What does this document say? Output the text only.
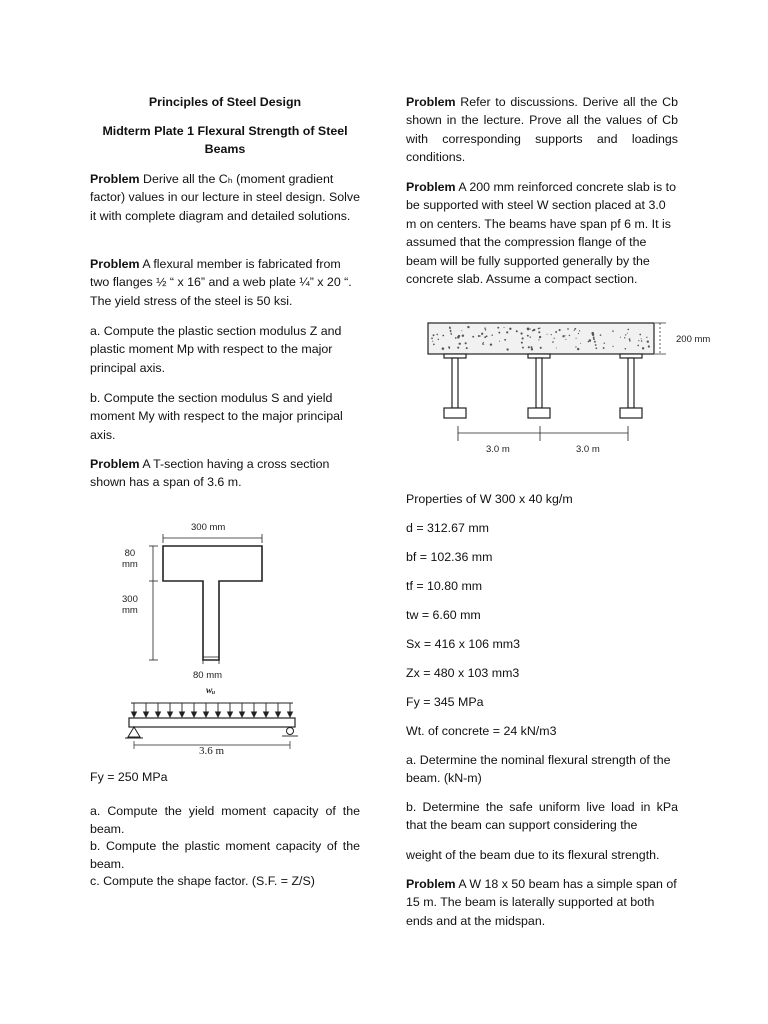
Principles of Steel Design
Midterm Plate 1 Flexural Strength of Steel Beams
Problem Derive all the Cₕ (moment gradient factor) values in our lecture in steel design. Solve it with complete diagram and detailed solutions.
Problem A flexural member is fabricated from two flanges ½ “ x 16” and a web plate ¼” x 20 “. The yield stress of the steel is 50 ksi.
a. Compute the plastic section modulus Z and plastic moment Mp with respect to the major principal axis.
b. Compute the section modulus S and yield moment My with respect to the major principal axis.
Problem A T-section having a cross section shown has a span of 3.6 m.
Fy = 250 MPa
a. Compute the yield moment capacity of the beam.
b. Compute the plastic moment capacity of the beam.
c. Compute the shape factor. (S.F. = Z/S)
300 mm
80
mm
300
mm
80 mm
wᵤ
3.6 m
Problem Refer to discussions. Derive all the Cb shown in the lecture. Prove all the values of Cb with corresponding supports and loadings conditions.
Problem A 200 mm reinforced concrete slab is to be supported with steel W section placed at 3.0 m on centers. The beams have span pf 6 m. It is assumed that the compression flange of the beam will be fully supported generally by the concrete slab. Assume a compact section.
Properties of W 300 x 40 kg/m
d = 312.67 mm
bf = 102.36 mm
tf = 10.80 mm
tw = 6.60 mm
Sx = 416 x 106 mm3
Zx = 480 x 103 mm3
Fy = 345 MPa
Wt. of concrete = 24 kN/m3
a. Determine the nominal flexural strength of the beam. (kN-m)
b. Determine the safe uniform live load in kPa that the beam can support considering the
weight of the beam due to its flexural strength.
Problem A W 18 x 50 beam has a simple span of 15 m. The beam is laterally supported at both ends and at the midspan.
200 mm
3.0 m	3.0 m
